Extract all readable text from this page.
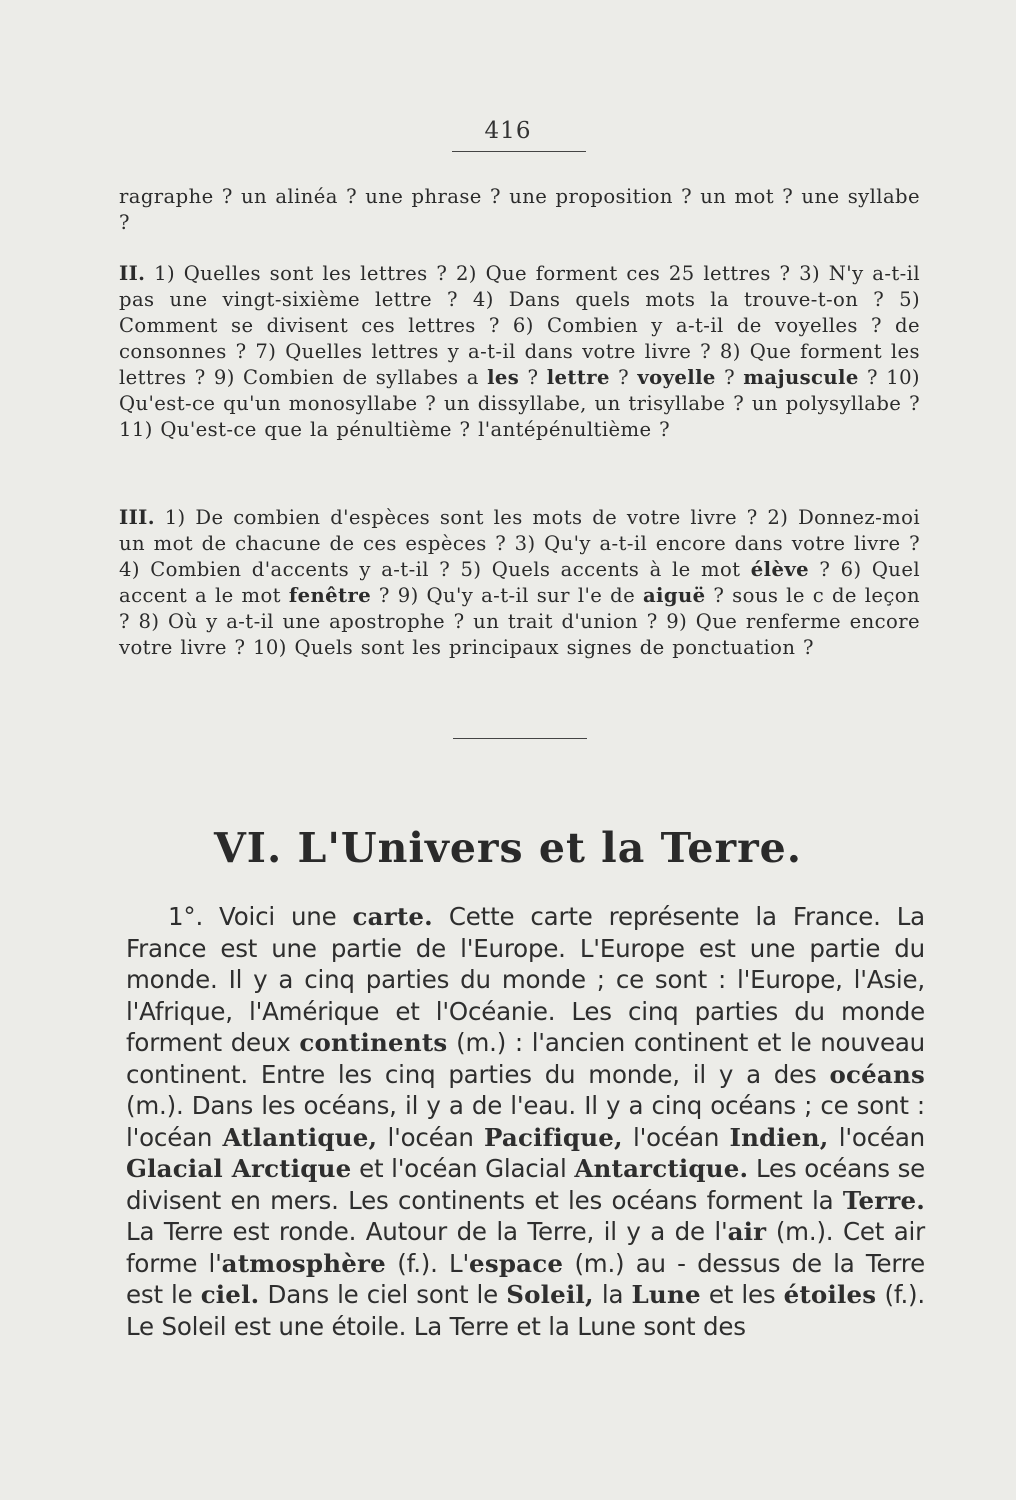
416

ragraphe ? un alinéa ? une phrase ? une proposition ? un mot ? une syllabe ?

II. 1) Quelles sont les lettres ? 2) Que forment ces 25 lettres ? 3) N'y a-t-il pas une vingt-sixième lettre ? 4) Dans quels mots la trouve-t-on ? 5) Comment se divisent ces lettres ? 6) Combien y a-t-il de voyelles ? de consonnes ? 7) Quelles lettres y a-t-il dans votre livre ? 8) Que forment les lettres ? 9) Combien de syllabes a les ? lettre ? voyelle ? majuscule ? 10) Qu'est-ce qu'un monosyllabe ? un dissyllabe, un trisyllabe ? un polysyllabe ? 11) Qu'est-ce que la pénultième ? l'antépénultième ?

III. 1) De combien d'espèces sont les mots de votre livre ? 2) Donnez-moi un mot de chacune de ces espèces ? 3) Qu'y a-t-il encore dans votre livre ? 4) Combien d'accents y a-t-il ? 5) Quels accents à le mot élève ? 6) Quel accent a le mot fenêtre ? 9) Qu'y a-t-il sur l'e de aiguë ? sous le c de leçon ? 8) Où y a-t-il une apostrophe ? un trait d'union ? 9) Que renferme encore votre livre ? 10) Quels sont les principaux signes de ponctuation ?

VI. L'Univers et la Terre.

1°. Voici une carte. Cette carte représente la France. La France est une partie de l'Europe. L'Europe est une partie du monde. Il y a cinq parties du monde ; ce sont : l'Europe, l'Asie, l'Afrique, l'Amérique et l'Océanie. Les cinq parties du monde forment deux continents (m.) : l'ancien continent et le nouveau continent. Entre les cinq parties du monde, il y a des océans (m.). Dans les océans, il y a de l'eau. Il y a cinq océans ; ce sont : l'océan Atlantique, l'océan Pacifique, l'océan Indien, l'océan Glacial Arctique et l'océan Glacial Antarctique. Les océans se divisent en mers. Les continents et les océans forment la Terre. La Terre est ronde. Autour de la Terre, il y a de l'air (m.). Cet air forme l'atmosphère (f.). L'espace (m.) au - dessus de la Terre est le ciel. Dans le ciel sont le Soleil, la Lune et les étoiles (f.). Le Soleil est une étoile. La Terre et la Lune sont des
